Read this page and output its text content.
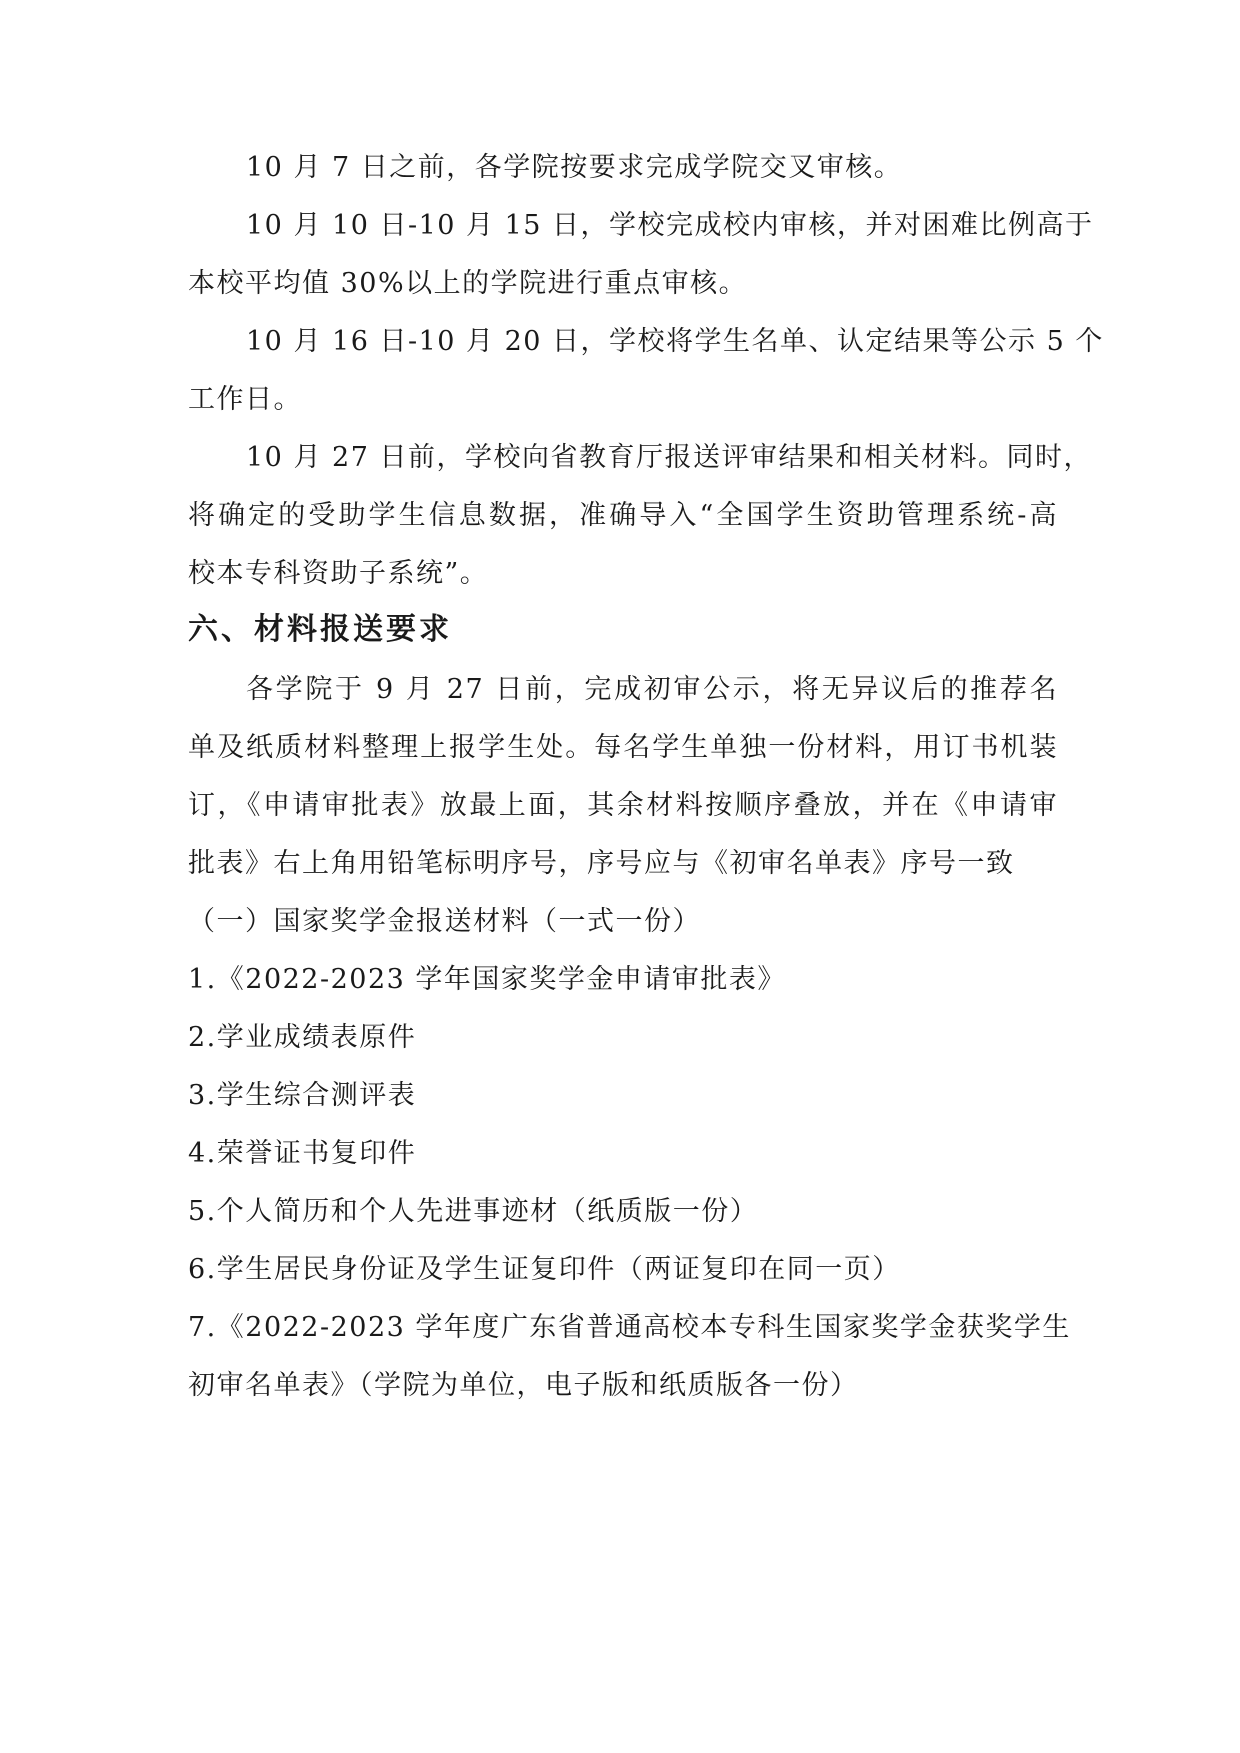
10 月 7 日之前，各学院按要求完成学院交叉审核。
10 月 10 日-10 月 15 日，学校完成校内审核，并对困难比例高于
本校平均值 30%以上的学院进行重点审核。
10 月 16 日-10 月 20 日，学校将学生名单、认定结果等公示 5 个
工作日。
10 月 27 日前，学校向省教育厅报送评审结果和相关材料。同时，
将确定的受助学生信息数据，准确导入“全国学生资助管理系统-高
校本专科资助子系统”。
六、材料报送要求
各学院于 9 月 27 日前，完成初审公示，将无异议后的推荐名
单及纸质材料整理上报学生处。每名学生单独一份材料，用订书机装
订，《申请审批表》放最上面，其余材料按顺序叠放，并在《申请审
批表》右上角用铅笔标明序号，序号应与《初审名单表》序号一致
（一）国家奖学金报送材料（一式一份）
1.《2022-2023 学年国家奖学金申请审批表》
2.学业成绩表原件
3.学生综合测评表
4.荣誉证书复印件
5.个人简历和个人先进事迹材（纸质版一份）
6.学生居民身份证及学生证复印件（两证复印在同一页）
7.《2022-2023 学年度广东省普通高校本专科生国家奖学金获奖学生
初审名单表》（学院为单位，电子版和纸质版各一份）
